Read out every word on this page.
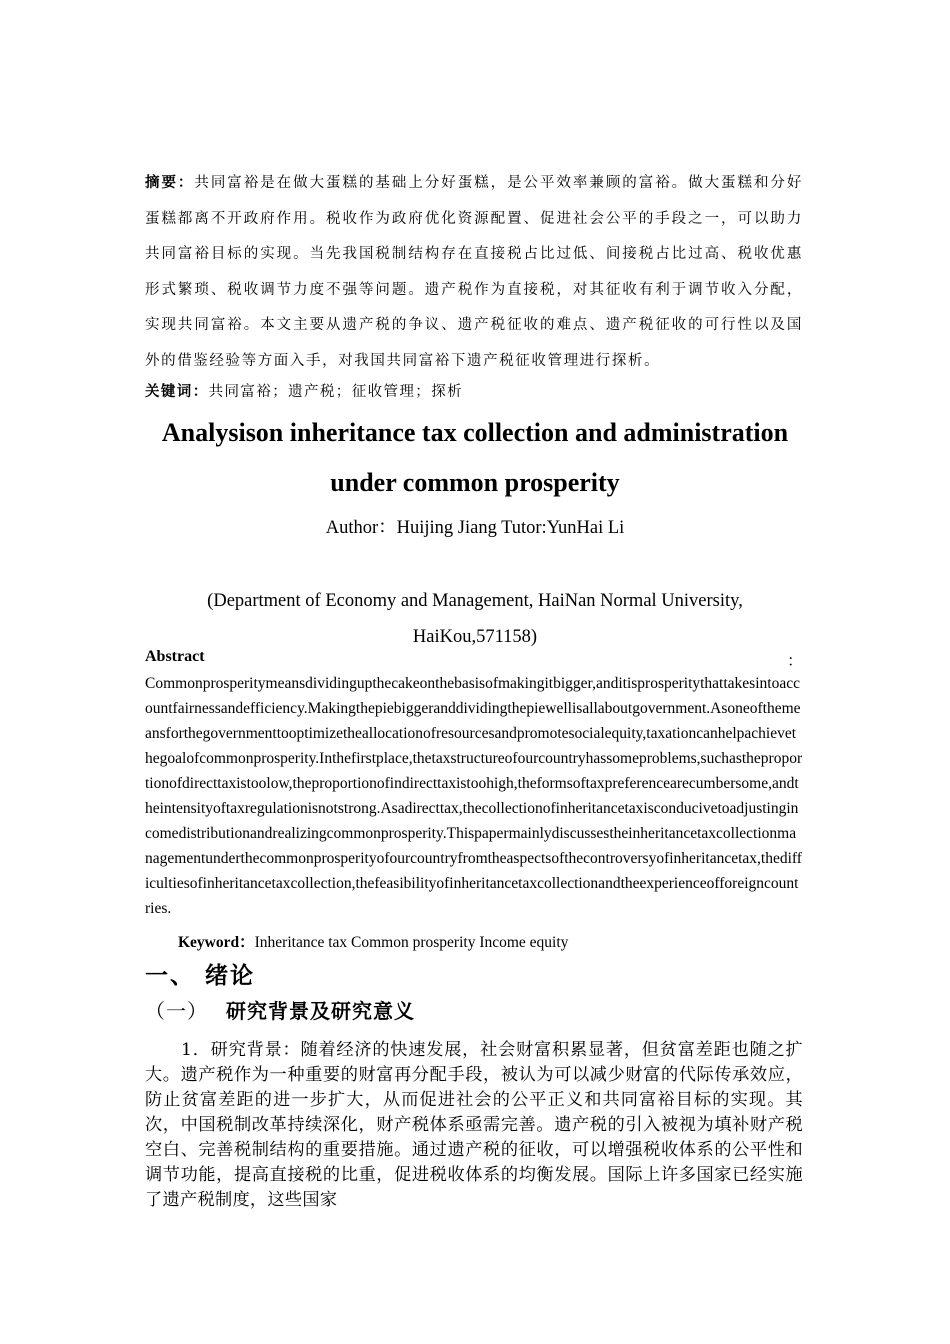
摘要：共同富裕是在做大蛋糕的基础上分好蛋糕，是公平效率兼顾的富裕。做大蛋糕和分好蛋糕都离不开政府作用。税收作为政府优化资源配置、促进社会公平的手段之一，可以助力共同富裕目标的实现。当先我国税制结构存在直接税占比过低、间接税占比过高、税收优惠形式繁琐、税收调节力度不强等问题。遗产税作为直接税，对其征收有利于调节收入分配，实现共同富裕。本文主要从遗产税的争议、遗产税征收的难点、遗产税征收的可行性以及国外的借鉴经验等方面入手，对我国共同富裕下遗产税征收管理进行探析。
关键词：共同富裕；遗产税；征收管理；探析
Analysison inheritance tax collection and administration
under common prosperity
Author：Huijing Jiang Tutor:YunHai Li
(Department of Economy and Management, HaiNan Normal University,
HaiKou,571158)
Abstract	：
Commonprosperitymeansdividingupthecakeonthebasisofmakingitbigger,anditisprosperitythattakesintoaccountfairnessandefficiency.Makingthepiebiggeranddividingthepiewellisallaboutgovernment.Asoneofthemeansforthegovernmenttooptimizetheallocationofresourcesandpromotesocialequity,taxationcanhelpachievethegoalofcommonprosperity.Inthefirstplace,thetaxstructureofourcountryhassomeproblems,suchastheproportionofdirecttaxistoolow,theproportionofindirecttaxistoohigh,theformsoftaxpreferencearecumbersome,andtheintensityoftaxregulationisnotstrong.Asadirecttax,thecollectionofinheritancetaxisconducivetoadjustingincomedistributionandrealizingcommonprosperity.Thispapermainlydiscussestheinheritancetaxcollectionmanagementunderthecommonprosperityofourcountryfromtheaspectsofthecontroversyofinheritancetax,thedifficultiesofinheritancetaxcollection,thefeasibilityofinheritancetaxcollectionandtheexperienceofforeigncountries.
Keyword：Inheritance tax Common prosperity Income equity
一、 绪论
（一） 研究背景及研究意义
1．研究背景：随着经济的快速发展，社会财富积累显著，但贫富差距也随之扩大。遗产税作为一种重要的财富再分配手段，被认为可以减少财富的代际传承效应，防止贫富差距的进一步扩大，从而促进社会的公平正义和共同富裕目标的实现。其次，中国税制改革持续深化，财产税体系亟需完善。遗产税的引入被视为填补财产税空白、完善税制结构的重要措施。通过遗产税的征收，可以增强税收体系的公平性和调节功能，提高直接税的比重，促进税收体系的均衡发展。国际上许多国家已经实施了遗产税制度，这些国家
